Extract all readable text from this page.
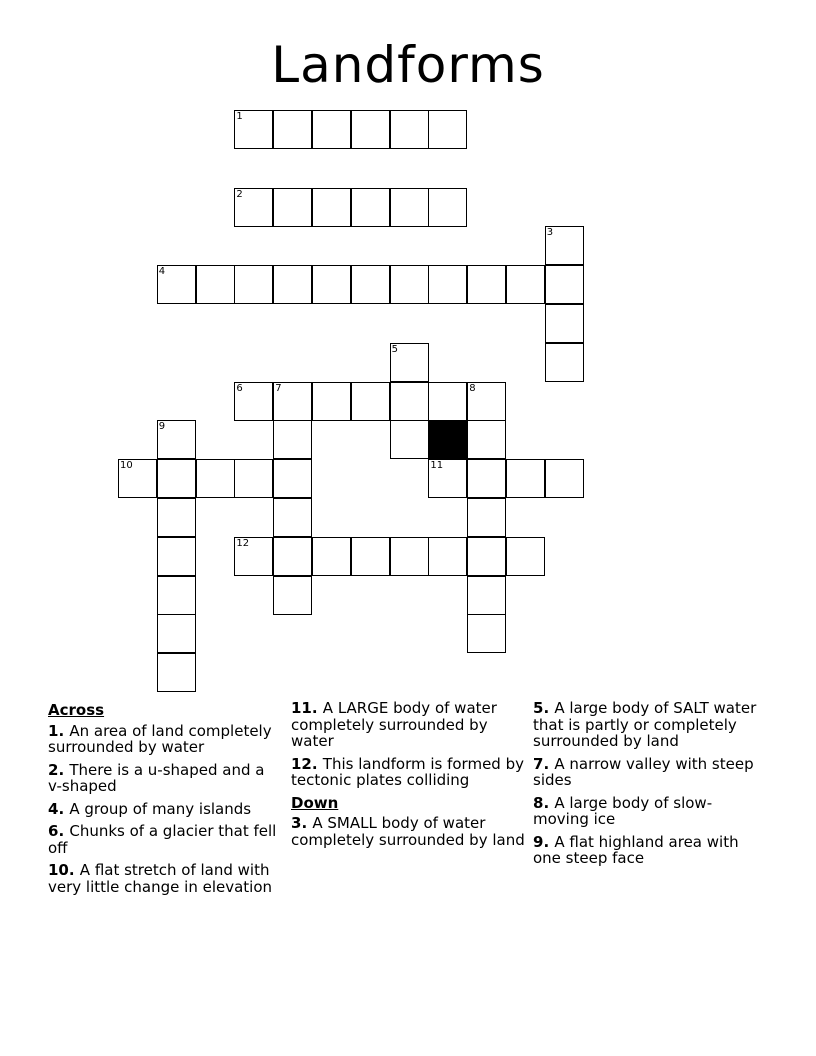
Landforms
1
2
3
4
5
6	7	8
9
10	11
12
Across
1. An area of land completely surrounded by water
2. There is a u-shaped and a v-shaped
4. A group of many islands
6. Chunks of a glacier that fell off
10. A flat stretch of land with very little change in elevation
11. A LARGE body of water completely surrounded by water
12. This landform is formed by tectonic plates colliding
Down
3. A SMALL body of water completely surrounded by land
5. A large body of SALT water that is partly or completely surrounded by land
7. A narrow valley with steep sides
8. A large body of slow-moving ice
9. A flat highland area with one steep face
